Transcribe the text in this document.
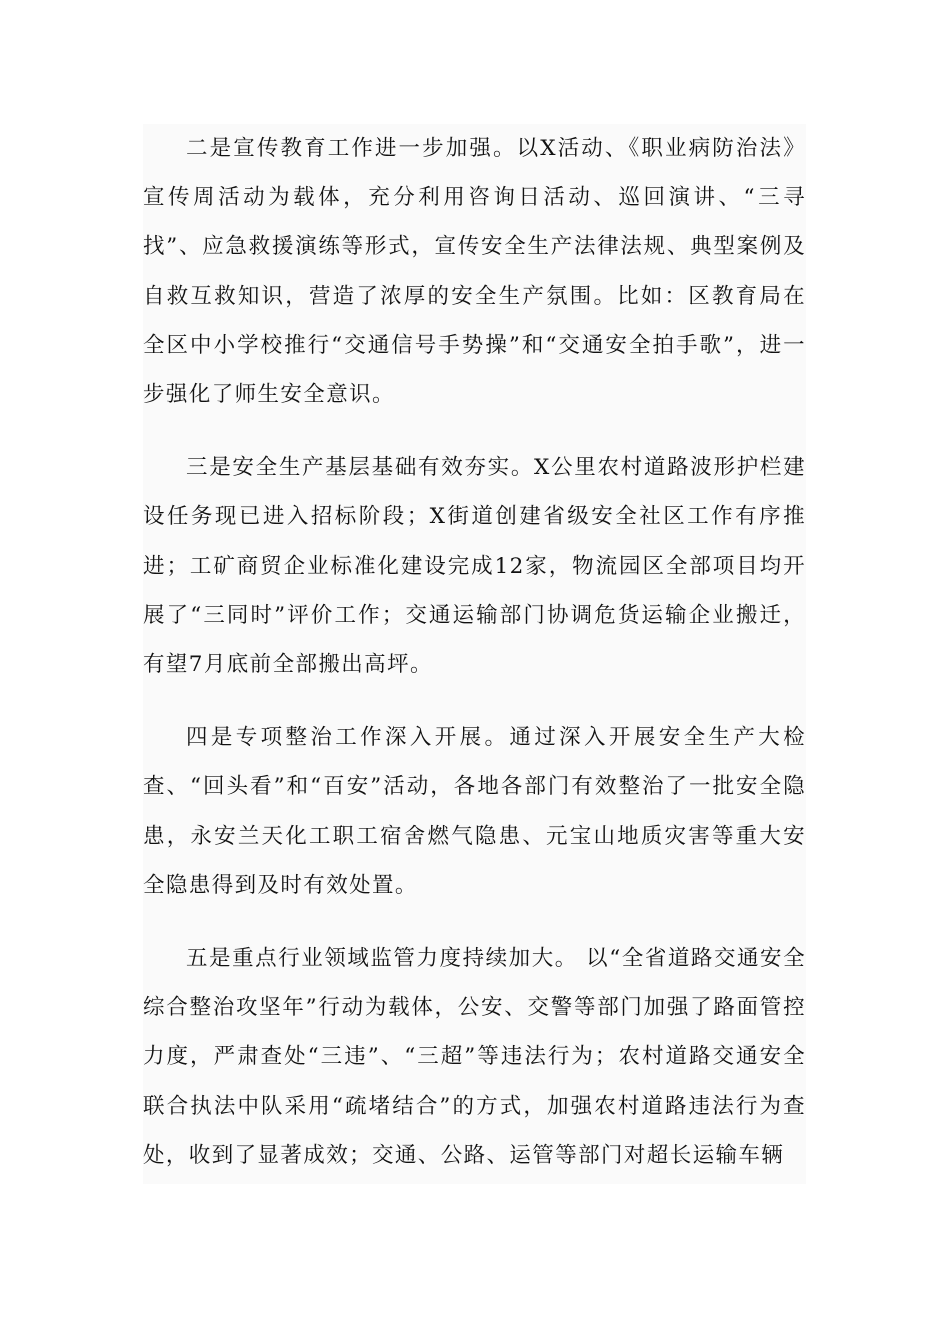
二是宣传教育工作进一步加强。以X活动、《职业病防治法》宣传周活动为载体，充分利用咨询日活动、巡回演讲、“三寻找”、应急救援演练等形式，宣传安全生产法律法规、典型案例及自救互救知识，营造了浓厚的安全生产氛围。比如：区教育局在全区中小学校推行“交通信号手势操”和“交通安全拍手歌”，进一步强化了师生安全意识。

三是安全生产基层基础有效夯实。X公里农村道路波形护栏建设任务现已进入招标阶段；X街道创建省级安全社区工作有序推进；工矿商贸企业标准化建设完成12家，物流园区全部项目均开展了“三同时”评价工作；交通运输部门协调危货运输企业搬迁，有望7月底前全部搬出高坪。

四是专项整治工作深入开展。通过深入开展安全生产大检查、“回头看”和“百安”活动，各地各部门有效整治了一批安全隐患，永安兰天化工职工宿舍燃气隐患、元宝山地质灾害等重大安全隐患得到及时有效处置。

五是重点行业领域监管力度持续加大。 以“全省道路交通安全综合整治攻坚年”行动为载体，公安、交警等部门加强了路面管控力度，严肃查处“三违”、“三超”等违法行为；农村道路交通安全联合执法中队采用“疏堵结合”的方式，加强农村道路违法行为查处，收到了显著成效；交通、公路、运管等部门对超长运输车辆
